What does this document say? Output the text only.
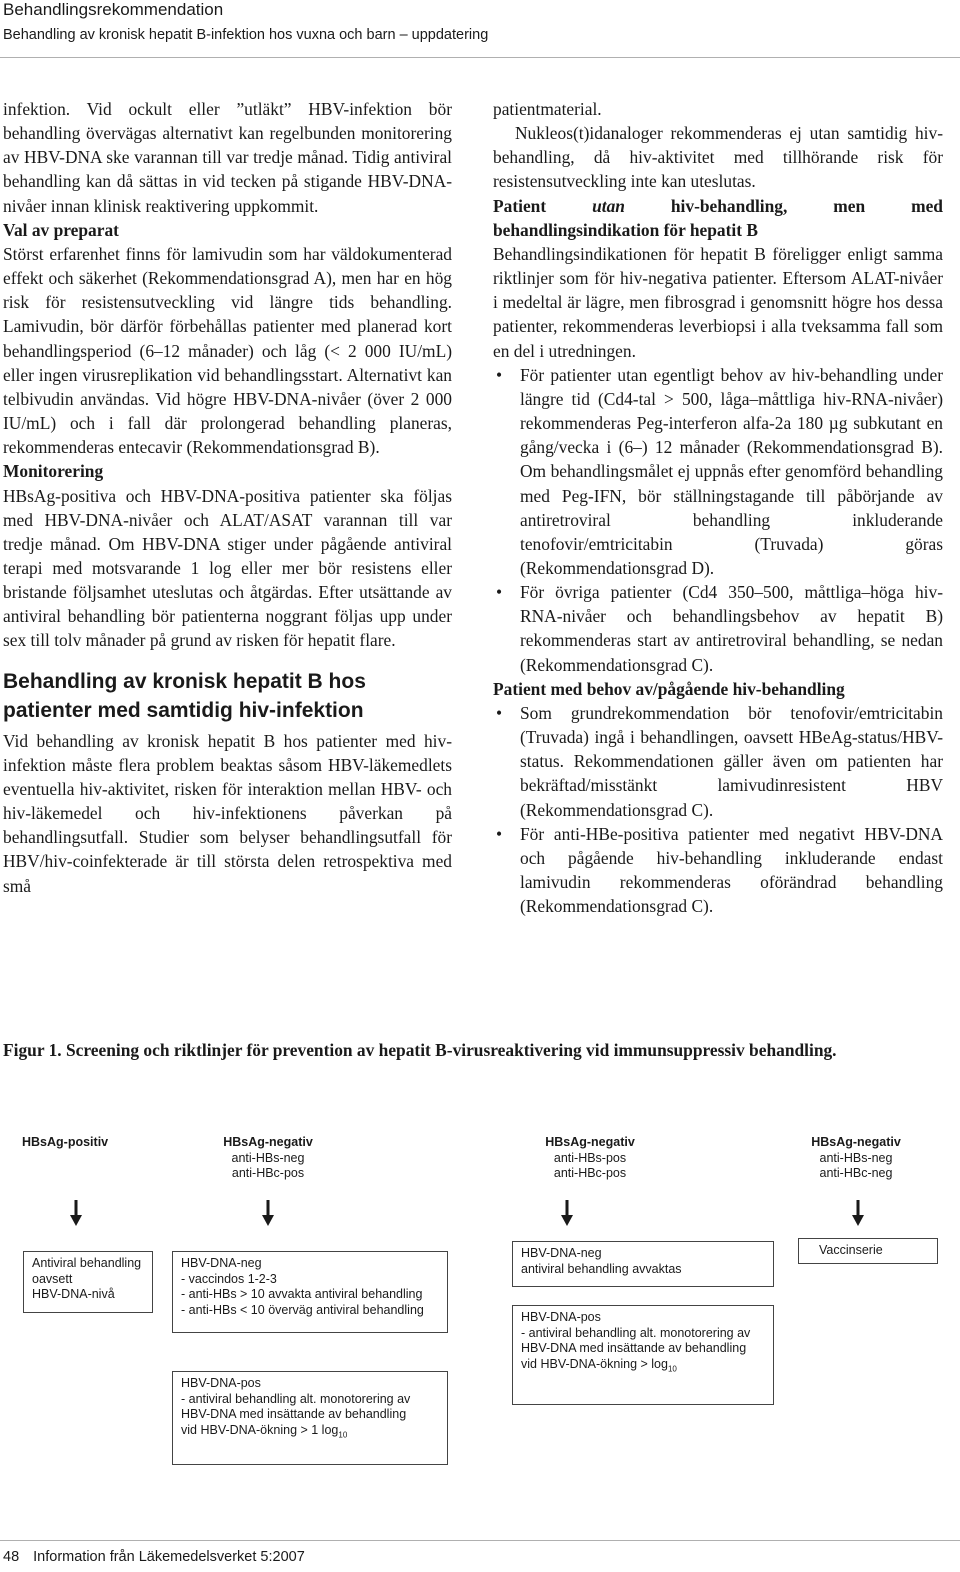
Behandlingsrekommendation
Behandling av kronisk hepatit B-infektion hos vuxna och barn – uppdatering

infektion. Vid ockult eller ”utläkt” HBV-infektion bör behandling övervägas alternativt kan regelbunden monitorering av HBV-DNA ske varannan till var tredje månad. Tidig antiviral behandling kan då sättas in vid tecken på stigande HBV-DNA-nivåer innan klinisk reaktivering uppkommit.

Val av preparat

Störst erfarenhet finns för lamivudin som har väldokumenterad effekt och säkerhet (Rekommendationsgrad A), men har en hög risk för resistensutveckling vid längre tids behandling. Lamivudin, bör därför förbehållas patienter med planerad kort behandlingsperiod (6–12 månader) och låg (< 2 000 IU/mL) eller ingen virusreplikation vid behandlingsstart. Alternativt kan telbivudin användas. Vid högre HBV-DNA-nivåer (över 2 000 IU/mL) och i fall där prolongerad behandling planeras, rekommenderas entecavir (Rekommendationsgrad B).

Monitorering

HBsAg-positiva och HBV-DNA-positiva patienter ska följas med HBV-DNA-nivåer och ALAT/ASAT varannan till var tredje månad. Om HBV-DNA stiger under pågående antiviral terapi med motsvarande 1 log eller mer bör resistens eller bristande följsamhet uteslutas och åtgärdas. Efter utsättande av antiviral behandling bör patienterna noggrant följas upp under sex till tolv månader på grund av risken för hepatit flare.

Behandling av kronisk hepatit B hos patienter med samtidig hiv-infektion

Vid behandling av kronisk hepatit B hos patienter med hiv-infektion måste flera problem beaktas såsom HBV-läkemedlets eventuella hiv-aktivitet, risken för interaktion mellan HBV- och hiv-läkemedel och hiv-infektionens påverkan på behandlingsutfall. Studier som belyser behandlingsutfall för HBV/hiv-coinfekterade är till största delen retrospektiva med små

patientmaterial.

Nukleos(t)idanaloger rekommenderas ej utan samtidig hiv-behandling, då hiv-aktivitet med tillhörande risk för resistensutveckling inte kan uteslutas.

Patient utan hiv-behandling, men med behandlingsindikation för hepatit B

Behandlingsindikationen för hepatit B föreligger enligt samma riktlinjer som för hiv-negativa patienter. Eftersom ALAT-nivåer i medeltal är lägre, men fibrosgrad i genomsnitt högre hos dessa patienter, rekommenderas leverbiopsi i alla tveksamma fall som en del i utredningen.

• För patienter utan egentligt behov av hiv-behandling under längre tid (Cd4-tal > 500, låga–måttliga hiv-RNA-nivåer) rekommenderas Peg-interferon alfa-2a 180 µg subkutant en gång/vecka i (6–) 12 månader (Rekommendationsgrad B). Om behandlingsmålet ej uppnås efter genomförd behandling med Peg-IFN, bör ställningstagande till påbörjande av antiretroviral behandling inkluderande tenofovir/emtricitabin (Truvada) göras (Rekommendationsgrad D).
• För övriga patienter (Cd4 350–500, måttliga–höga hiv-RNA-nivåer och behandlingsbehov av hepatit B) rekommenderas start av antiretroviral behandling, se nedan (Rekommendationsgrad C).

Patient med behov av/pågående hiv-behandling

• Som grundrekommendation bör tenofovir/emtricitabin (Truvada) ingå i behandlingen, oavsett HBeAg-status/HBV-status. Rekommendationen gäller även om patienten har bekräftad/misstänkt lamivudinresistent HBV (Rekommendationsgrad C).
• För anti-HBe-positiva patienter med negativt HBV-DNA och pågående hiv-behandling inkluderande endast lamivudin rekommenderas oförändrad behandling (Rekommendationsgrad C).
Figur 1. Screening och riktlinjer för prevention av hepatit B-virusreaktivering vid immunsuppressiv behandling.
HBsAg-positiv	HBsAg-negativ
anti-HBs-neg
anti-HBc-pos
HBsAg-negativ
anti-HBs-pos
anti-HBc-pos
HBsAg-negativ
anti-HBs-neg
anti-HBc-neg
Antiviral behandling
oavsett
HBV-DNA-nivå
HBV-DNA-neg
- vaccindos 1-2-3
- anti-HBs > 10 avvakta antiviral behandling
- anti-HBs < 10 överväg antiviral behandling
HBV-DNA-pos
- antiviral behandling alt. monotorering av
HBV-DNA med insättande av behandling
vid HBV-DNA-ökning > 1 $\log_{10}$
HBV-DNA-neg
antiviral behandling avvaktas
HBV-DNA-pos
- antiviral behandling alt. monotorering av
HBV-DNA med insättande av behandling
vid HBV-DNA-ökning > $\log_{10}$
Vaccinserie
48 Information från Läkemedelsverket 5:2007
